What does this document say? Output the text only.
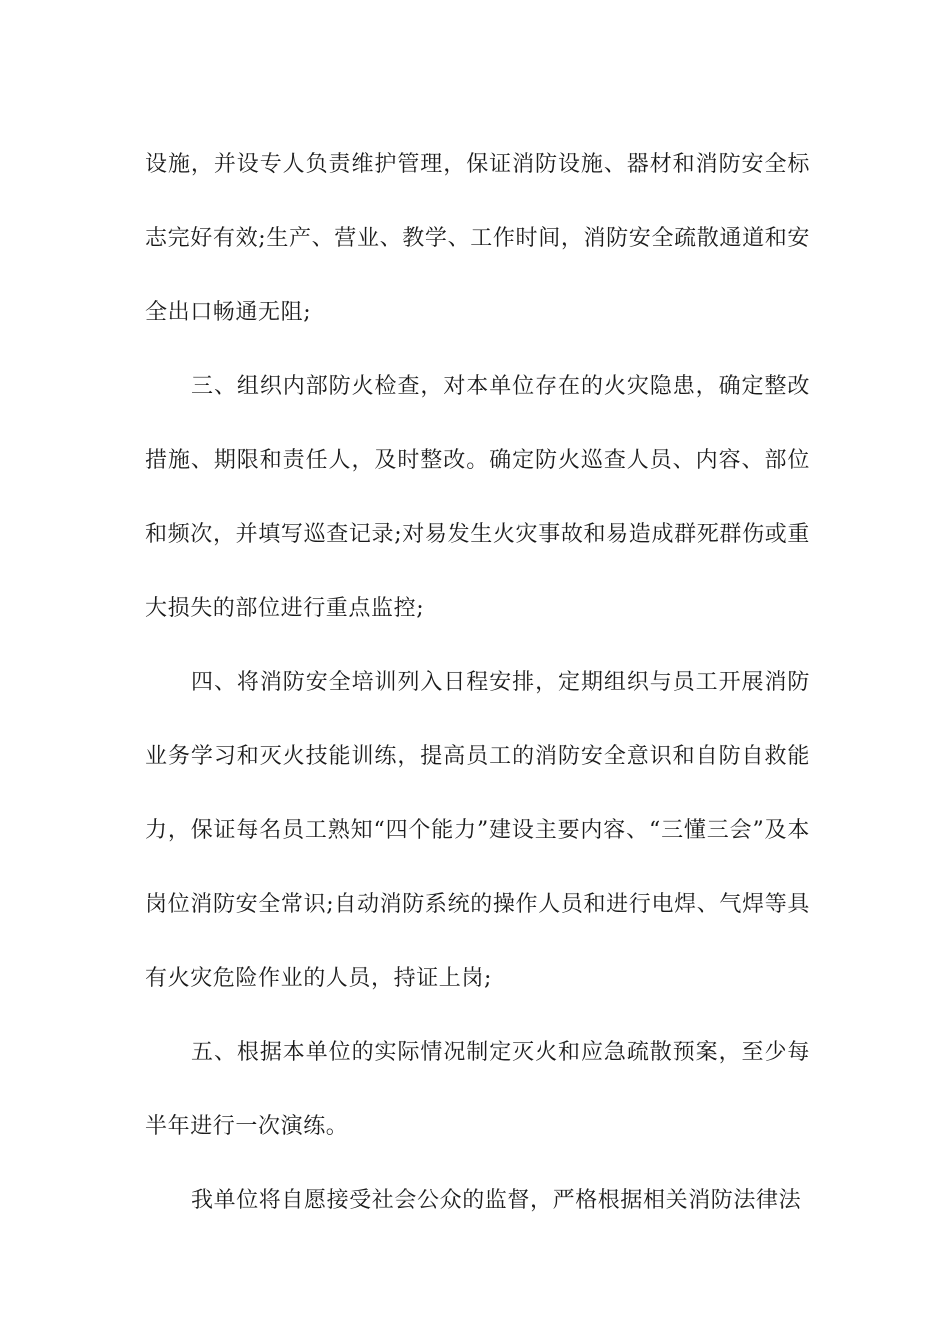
设施，并设专人负责维护管理，保证消防设施、器材和消防安全标志完好有效;生产、营业、教学、工作时间，消防安全疏散通道和安全出口畅通无阻;

三、组织内部防火检查，对本单位存在的火灾隐患，确定整改措施、期限和责任人，及时整改。确定防火巡查人员、内容、部位和频次，并填写巡查记录;对易发生火灾事故和易造成群死群伤或重大损失的部位进行重点监控;

四、将消防安全培训列入日程安排，定期组织与员工开展消防业务学习和灭火技能训练，提高员工的消防安全意识和自防自救能力，保证每名员工熟知“四个能力”建设主要内容、“三懂三会”及本岗位消防安全常识;自动消防系统的操作人员和进行电焊、气焊等具有火灾危险作业的人员，持证上岗;

五、根据本单位的实际情况制定灭火和应急疏散预案，至少每半年进行一次演练。

我单位将自愿接受社会公众的监督，严格根据相关消防法律法
